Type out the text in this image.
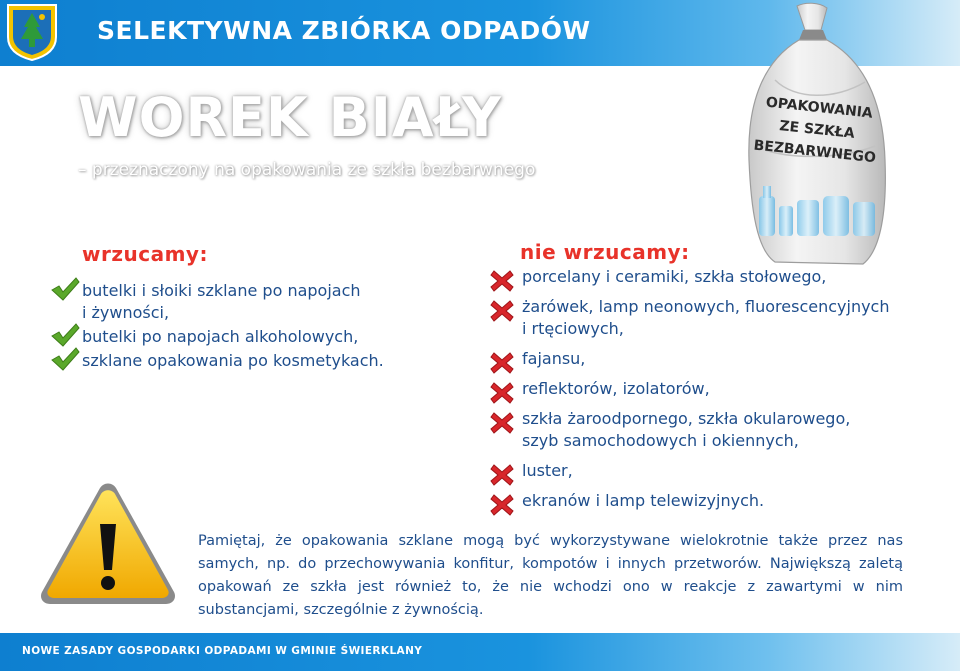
SELEKTYWNA ZBIÓRKA ODPADÓW
WOREK BIAŁY
– przeznaczony na opakowania ze szkła bezbarwnego
OPAKOWANIA
ZE SZKŁA
BEZBARWNEGO
wrzucamy:
butelki i słoiki szklane po napojach
i żywności,
butelki po napojach alkoholowych,
szklane opakowania po kosmetykach.
nie wrzucamy:
porcelany i ceramiki, szkła stołowego,
żarówek, lamp neonowych, fluorescencyjnych
i rtęciowych,
fajansu,
reflektorów, izolatorów,
szkła żaroodpornego, szkła okularowego,
szyb samochodowych i okiennych,
luster,
ekranów i lamp telewizyjnych.
Pamiętaj, że opakowania szklane mogą być wykorzystywane wielokrotnie także przez nas samych, np. do przechowywania konfitur, kompotów i innych przetworów. Największą zaletą opakowań ze szkła jest również to, że nie wchodzi ono w reakcje z zawartymi w nim substancjami, szczególnie z żywnością.
NOWE ZASADY GOSPODARKI ODPADAMI W GMINIE ŚWIERKLANY
